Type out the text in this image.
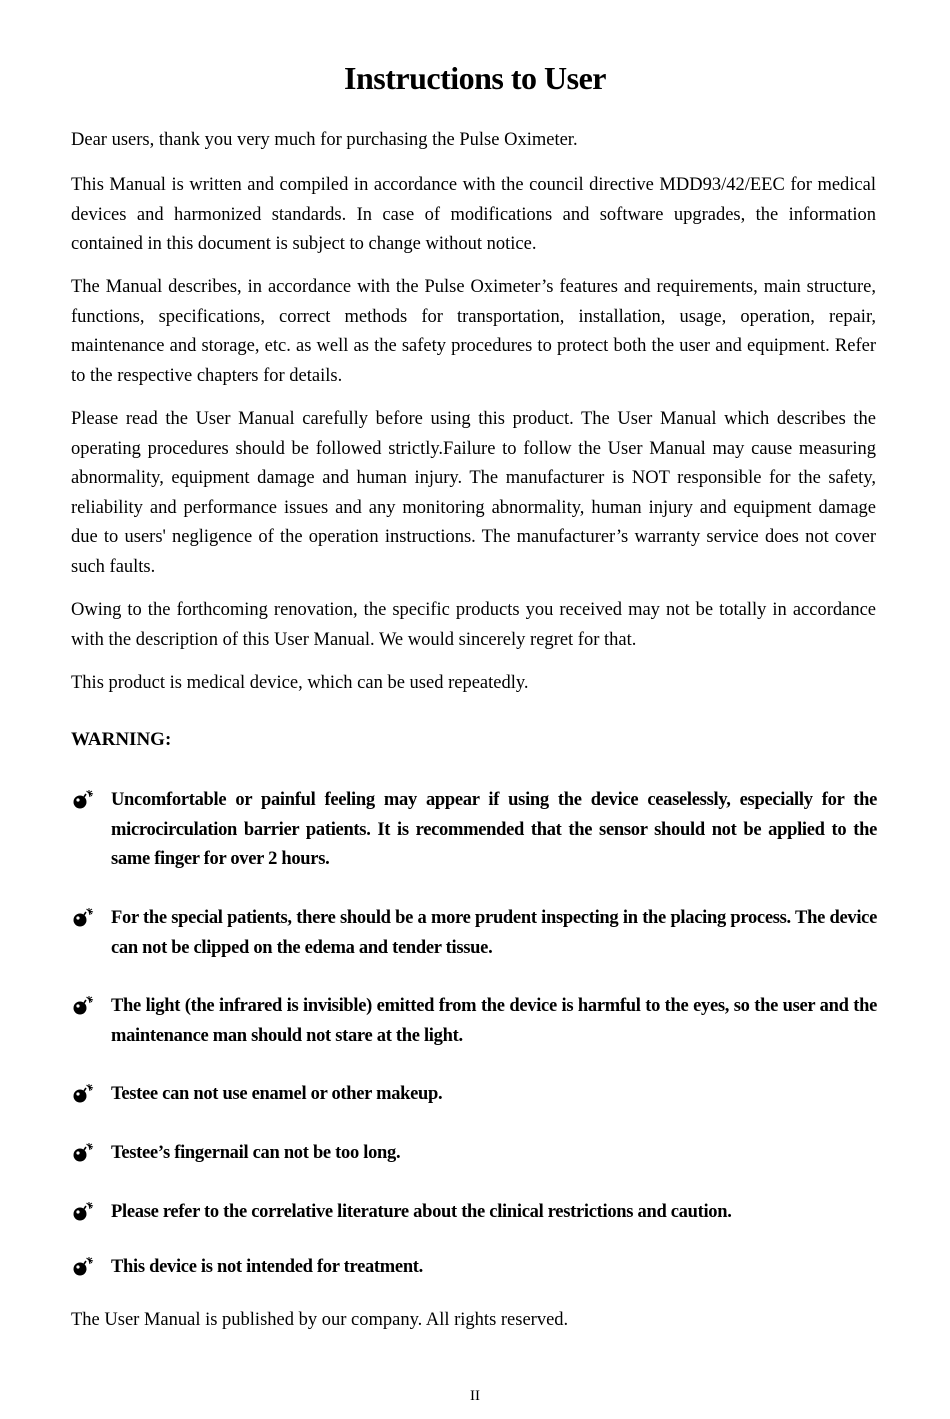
Instructions to User

Dear users, thank you very much for purchasing the Pulse Oximeter.

This Manual is written and compiled in accordance with the council directive MDD93/42/EEC for medical devices and harmonized standards. In case of modifications and software upgrades, the information contained in this document is subject to change without notice.

The Manual describes, in accordance with the Pulse Oximeter’s features and requirements, main structure, functions, specifications, correct methods for transportation, installation, usage, operation, repair, maintenance and storage, etc. as well as the safety procedures to protect both the user and equipment. Refer to the respective chapters for details.

Please read the User Manual carefully before using this product. The User Manual which describes the operating procedures should be followed strictly.Failure to follow the User Manual may cause measuring abnormality, equipment damage and human injury. The manufacturer is NOT responsible for the safety, reliability and performance issues and any monitoring abnormality, human injury and equipment damage due to users' negligence of the operation instructions. The manufacturer’s warranty service does not cover such faults.

Owing to the forthcoming renovation, the specific products you received may not be totally in accordance with the description of this User Manual. We would sincerely regret for that.

This product is medical device, which can be used repeatedly.

WARNING:

Uncomfortable or painful feeling may appear if using the device ceaselessly, especially for the microcirculation barrier patients. It is recommended that the sensor should not be applied to the same finger for over 2 hours.

For the special patients, there should be a more prudent inspecting in the placing process. The device can not be clipped on the edema and tender tissue.

The light (the infrared is invisible) emitted from the device is harmful to the eyes, so the user and the maintenance man should not stare at the light.

Testee can not use enamel or other makeup.

Testee’s fingernail can not be too long.

Please refer to the correlative literature about the clinical restrictions and caution.

This device is not intended for treatment.

The User Manual is published by our company. All rights reserved.

II
